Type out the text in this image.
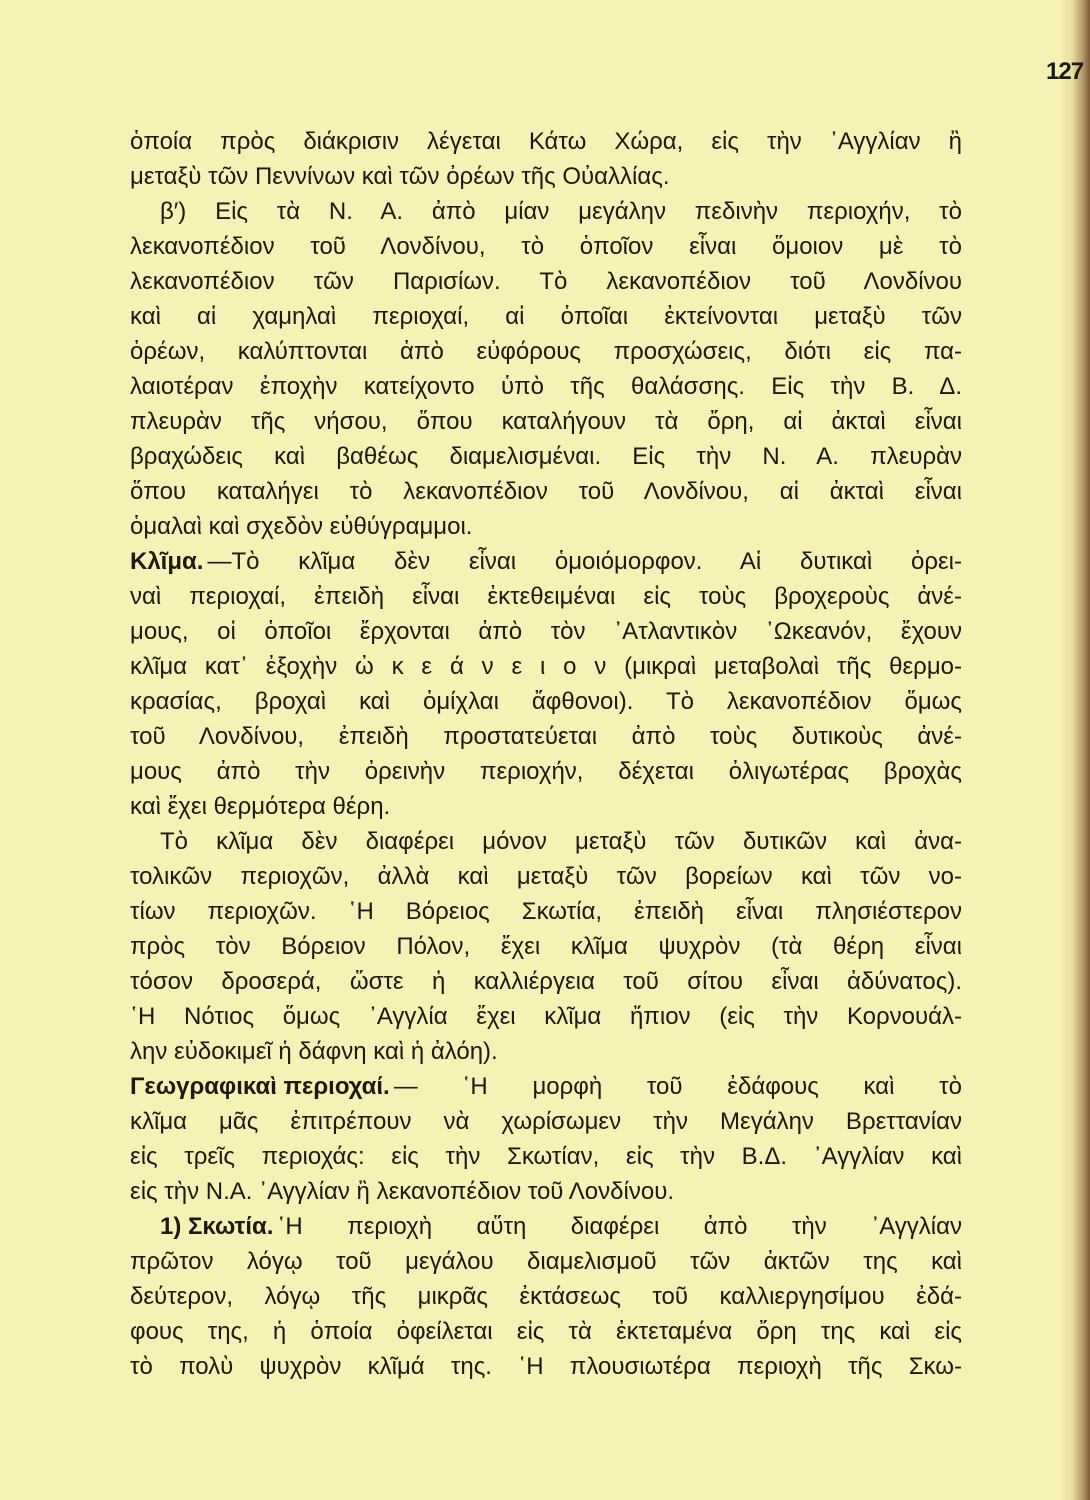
127
ὁποία πρὸς διάκρισιν λέγεται Κάτω Χώρα, εἰς τὴν ᾿Αγγλίαν ἢ
μεταξὺ τῶν Πεννίνων καὶ τῶν ὀρέων τῆς Οὐαλλίας.
β′) Εἰς τὰ Ν. Α. ἀπὸ μίαν μεγάλην πεδινὴν περιοχήν, τὸ
λεκανοπέδιον τοῦ Λονδίνου, τὸ ὁποῖον εἶναι ὅμοιον μὲ τὸ
λεκανοπέδιον τῶν Παρισίων. Τὸ λεκανοπέδιον τοῦ Λονδίνου
καὶ αἱ χαμηλαὶ περιοχαί, αἱ ὁποῖαι ἐκτείνονται μεταξὺ τῶν
ὀρέων, καλύπτονται ἀπὸ εὐφόρους προσχώσεις, διότι εἰς πα-
λαιοτέραν ἐποχὴν κατείχοντο ὑπὸ τῆς θαλάσσης. Εἰς τὴν Β. Δ.
πλευρὰν τῆς νήσου, ὅπου καταλήγουν τὰ ὄρη, αἱ ἀκταὶ εἶναι
βραχώδεις καὶ βαθέως διαμελισμέναι. Εἰς τὴν Ν. Α. πλευρὰν
ὅπου καταλήγει τὸ λεκανοπέδιον τοῦ Λονδίνου, αἱ ἀκταὶ εἶναι
ὁμαλαὶ καὶ σχεδὸν εὐθύγραμμοι.
Κλῖμα. —Τὸ κλῖμα δὲν εἶναι ὁμοιόμορφον. Αἱ δυτικαὶ ὀρει-
ναὶ περιοχαί, ἐπειδὴ εἶναι ἐκτεθειμέναι εἰς τοὺς βροχεροὺς ἀνέ-
μους, οἱ ὁποῖοι ἔρχονται ἀπὸ τὸν ᾿Ατλαντικὸν ᾿Ωκεανόν, ἔχουν
κλῖμα κατ᾿ ἐξοχὴν ὠ κ ε ά ν ε ι ο ν (μικραὶ μεταβολαὶ τῆς θερμο-
κρασίας, βροχαὶ καὶ ὁμίχλαι ἄφθονοι). Τὸ λεκανοπέδιον ὅμως
τοῦ Λονδίνου, ἐπειδὴ προστατεύεται ἀπὸ τοὺς δυτικοὺς ἀνέ-
μους ἀπὸ τὴν ὀρεινὴν περιοχήν, δέχεται ὀλιγωτέρας βροχὰς
καὶ ἔχει θερμότερα θέρη.
Τὸ κλῖμα δὲν διαφέρει μόνον μεταξὺ τῶν δυτικῶν καὶ ἀνα-
τολικῶν περιοχῶν, ἀλλὰ καὶ μεταξὺ τῶν βορείων καὶ τῶν νο-
τίων περιοχῶν. ῾Η Βόρειος Σκωτία, ἐπειδὴ εἶναι πλησιέστερον
πρὸς τὸν Βόρειον Πόλον, ἔχει κλῖμα ψυχρὸν (τὰ θέρη εἶναι
τόσον δροσερά, ὥστε ἡ καλλιέργεια τοῦ σίτου εἶναι ἀδύνατος).
῾Η Νότιος ὅμως ᾿Αγγλία ἔχει κλῖμα ἤπιον (εἰς τὴν Κορνουάλ-
λην εὐδοκιμεῖ ἡ δάφνη καὶ ἡ ἀλόη).
Γεωγραφικαὶ περιοχαί. — ῾Η μορφὴ τοῦ ἐδάφους καὶ τὸ
κλῖμα μᾶς ἐπιτρέπουν νὰ χωρίσωμεν τὴν Μεγάλην Βρεττανίαν
εἰς τρεῖς περιοχάς: εἰς τὴν Σκωτίαν, εἰς τὴν Β.Δ. ᾿Αγγλίαν καὶ
εἰς τὴν Ν.Α. ᾿Αγγλίαν ἢ λεκανοπέδιον τοῦ Λονδίνου.
1) Σκωτία. ῾Η περιοχὴ αὕτη διαφέρει ἀπὸ τὴν ᾿Αγγλίαν
πρῶτον λόγῳ τοῦ μεγάλου διαμελισμοῦ τῶν ἀκτῶν της καὶ
δεύτερον, λόγῳ τῆς μικρᾶς ἐκτάσεως τοῦ καλλιεργησίμου ἐδά-
φους της, ἡ ὁποία ὀφείλεται εἰς τὰ ἐκτεταμένα ὄρη της καὶ εἰς
τὸ πολὺ ψυχρὸν κλῖμά της. ῾Η πλουσιωτέρα περιοχὴ τῆς Σκω-
